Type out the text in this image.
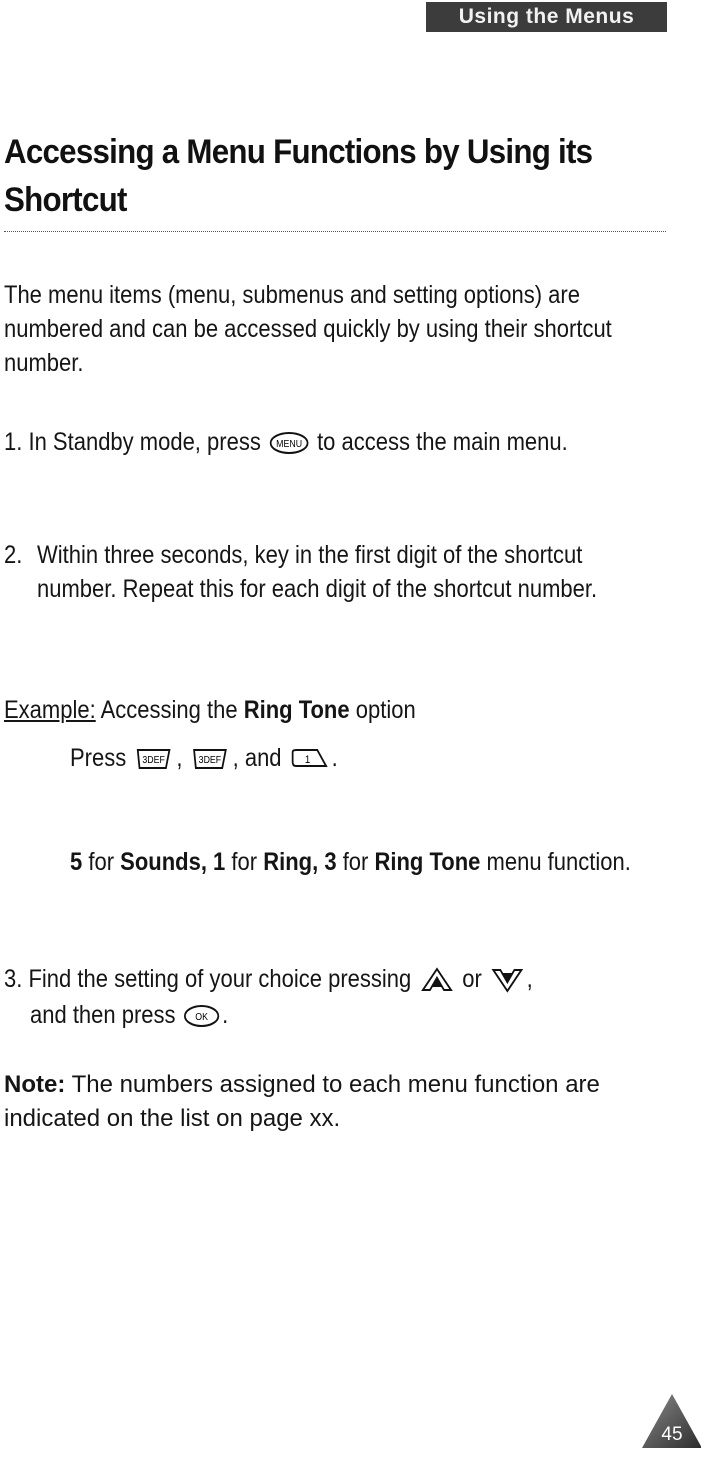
Using the Menus
Accessing a Menu Functions by Using its Shortcut

The menu items (menu, submenus and setting options) are numbered and can be accessed quickly by using their shortcut number.

1. In Standby mode, press MENU to access the main menu.
2. Within three seconds, key in the first digit of the shortcut number. Repeat this for each digit of the shortcut number.

Example: Accessing the Ring Tone option
Press 3DEF , 3DEF , and 1 .

5 for Sounds, 1 for Ring, 3 for Ring Tone menu function.

3. Find the setting of your choice pressing or ,
and then press OK .

Note: The numbers assigned to each menu function are indicated on the list on page xx.

45
